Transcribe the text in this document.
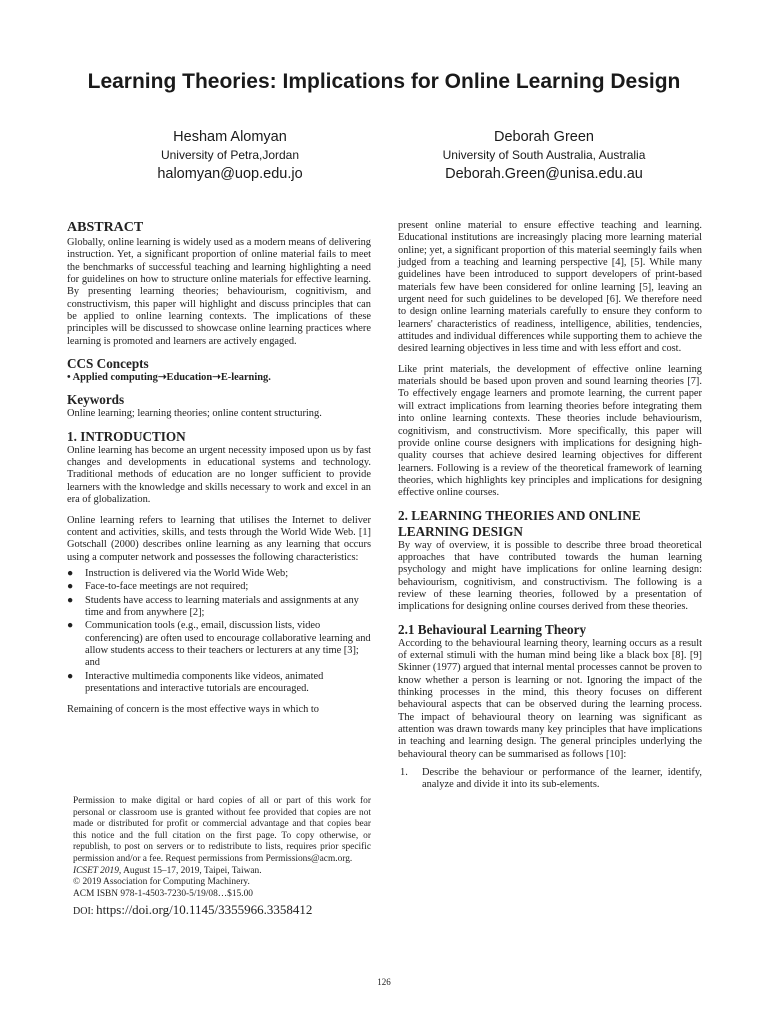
Learning Theories: Implications for Online Learning Design
Hesham Alomyan
University of Petra,Jordan
halomyan@uop.edu.jo
Deborah Green
University of South Australia, Australia
Deborah.Green@unisa.edu.au
ABSTRACT

Globally, online learning is widely used as a modern means of delivering instruction. Yet, a significant proportion of online material fails to meet the benchmarks of successful teaching and learning highlighting a need for guidelines on how to structure online materials for effective learning. By presenting learning theories; behaviourism, cognitivism, and constructivism, this paper will highlight and discuss principles that can be applied to online learning contexts. The implications of these principles will be discussed to showcase online learning practices where learning is promoted and learners are actively engaged.

CCS Concepts

• Applied computing➝Education➝E-learning.

Keywords

Online learning; learning theories; online content structuring.

1. INTRODUCTION

Online learning has become an urgent necessity imposed upon us by fast changes and developments in educational systems and technology. Traditional methods of education are no longer sufficient to provide learners with the knowledge and skills necessary to work and excel in an era of globalization.

Online learning refers to learning that utilises the Internet to deliver content and activities, skills, and tests through the World Wide Web. [1] Gotschall (2000) describes online learning as any learning that occurs using a computer network and possesses the following characteristics:

● Instruction is delivered via the World Wide Web;
● Face-to-face meetings are not required;
● Students have access to learning materials and assignments at any time and from anywhere [2];
● Communication tools (e.g., email, discussion lists, video conferencing) are often used to encourage collaborative learning and allow students access to their teachers or lecturers at any time [3]; and
● Interactive multimedia components like videos, animated presentations and interactive tutorials are encouraged.

Remaining of concern is the most effective ways in which to

Permission to make digital or hard copies of all or part of this work for personal or classroom use is granted without fee provided that copies are not made or distributed for profit or commercial advantage and that copies bear this notice and the full citation on the first page. To copy otherwise, or republish, to post on servers or to redistribute to lists, requires prior specific permission and/or a fee. Request permissions from Permissions@acm.org.

ICSET 2019, August 15–17, 2019, Taipei, Taiwan.
© 2019 Association for Computing Machinery.
ACM ISBN 978-1-4503-7230-5/19/08…$15.00
DOI: https://doi.org/10.1145/3355966.3358412

present online material to ensure effective teaching and learning. Educational institutions are increasingly placing more learning material online; yet, a significant proportion of this material seemingly fails when judged from a teaching and learning perspective [4], [5]. While many guidelines have been introduced to support developers of print-based materials few have been considered for online learning [5], leaving an urgent need for such guidelines to be developed [6]. We therefore need to design online learning materials carefully to ensure they conform to learners' characteristics of readiness, intelligence, abilities, tendencies, attitudes and individual differences while supporting them to achieve the desired learning objectives in less time and with less effort and cost.

Like print materials, the development of effective online learning materials should be based upon proven and sound learning theories [7]. To effectively engage learners and promote learning, the current paper will extract implications from learning theories before integrating them into online learning contexts. These theories include behaviourism, cognitivism, and constructivism. More specifically, this paper will provide online course designers with implications for designing high-quality courses that achieve desired learning objectives for different learners. Following is a review of the theoretical framework of learning theories, which highlights key principles and implications for designing effective online courses.

2. LEARNING THEORIES AND ONLINE LEARNING DESIGN

By way of overview, it is possible to describe three broad theoretical approaches that have contributed towards the human learning psychology and might have implications for online learning design: behaviourism, cognitivism, and constructivism. The following is a review of these learning theories, followed by a presentation of implications for designing online courses derived from these theories.

2.1 Behavioural Learning Theory

According to the behavioural learning theory, learning occurs as a result of external stimuli with the human mind being like a black box [8]. [9] Skinner (1977) argued that internal mental processes cannot be proven to know whether a person is learning or not. Ignoring the impact of the thinking processes in the mind, this theory focuses on different behavioural aspects that can be observed during the learning process. The impact of behavioural theory on learning was significant as attention was drawn towards many key principles that have implications in teaching and learning design. The general principles underlying the behavioural theory can be summarised as follows [10]:

1. Describe the behaviour or performance of the learner, identify, analyze and divide it into its sub-elements.
126
